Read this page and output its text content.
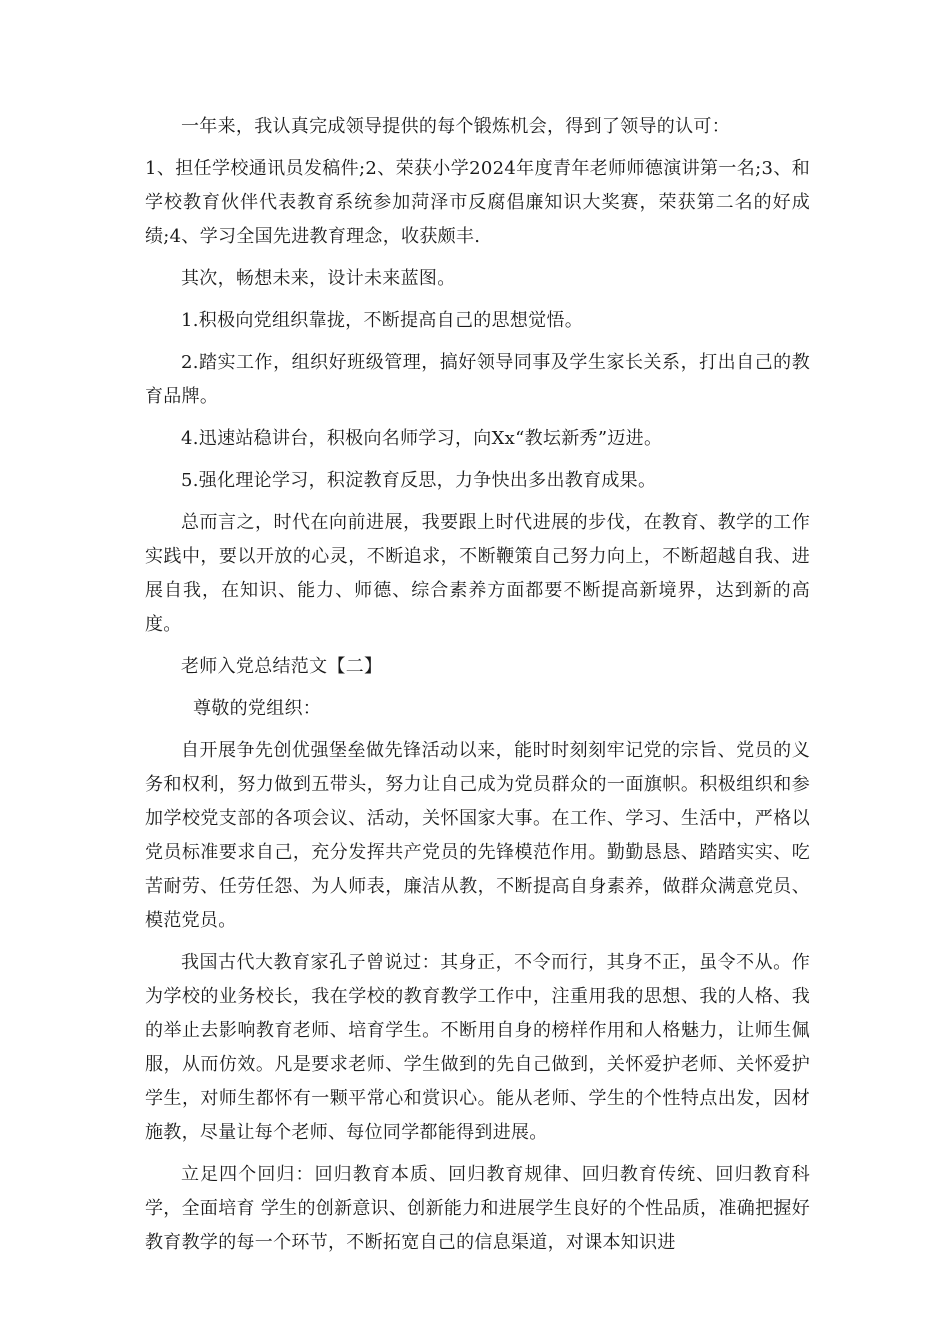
一年来，我认真完成领导提供的每个锻炼机会，得到了领导的认可：

1、担任学校通讯员发稿件;2、荣获小学2024年度青年老师师德演讲第一名;3、和学校教育伙伴代表教育系统参加菏泽市反腐倡廉知识大奖赛，荣获第二名的好成绩;4、学习全国先进教育理念，收获颇丰.

其次，畅想未来，设计未来蓝图。

1.积极向党组织靠拢，不断提高自己的思想觉悟。

2.踏实工作，组织好班级管理，搞好领导同事及学生家长关系，打出自己的教育品牌。

4.迅速站稳讲台，积极向名师学习，向Xx“教坛新秀”迈进。

5.强化理论学习，积淀教育反思，力争快出多出教育成果。

总而言之，时代在向前进展，我要跟上时代进展的步伐，在教育、教学的工作实践中，要以开放的心灵，不断追求，不断鞭策自己努力向上，不断超越自我、进展自我，在知识、能力、师德、综合素养方面都要不断提高新境界，达到新的高度。

老师入党总结范文【二】

尊敬的党组织：

自开展争先创优强堡垒做先锋活动以来，能时时刻刻牢记党的宗旨、党员的义务和权利，努力做到五带头，努力让自己成为党员群众的一面旗帜。积极组织和参加学校党支部的各项会议、活动，关怀国家大事。在工作、学习、生活中，严格以党员标准要求自己，充分发挥共产党员的先锋模范作用。勤勤恳恳、踏踏实实、吃苦耐劳、任劳任怨、为人师表，廉洁从教，不断提高自身素养，做群众满意党员、模范党员。

我国古代大教育家孔子曾说过：其身正，不令而行，其身不正，虽令不从。作为学校的业务校长，我在学校的教育教学工作中，注重用我的思想、我的人格、我的举止去影响教育老师、培育学生。不断用自身的榜样作用和人格魅力，让师生佩服，从而仿效。凡是要求老师、学生做到的先自己做到，关怀爱护老师、关怀爱护学生，对师生都怀有一颗平常心和赏识心。能从老师、学生的个性特点出发，因材施教，尽量让每个老师、每位同学都能得到进展。

立足四个回归：回归教育本质、回归教育规律、回归教育传统、回归教育科学，全面培育 学生的创新意识、创新能力和进展学生良好的个性品质，准确把握好教育教学的每一个环节，不断拓宽自己的信息渠道，对课本知识进
